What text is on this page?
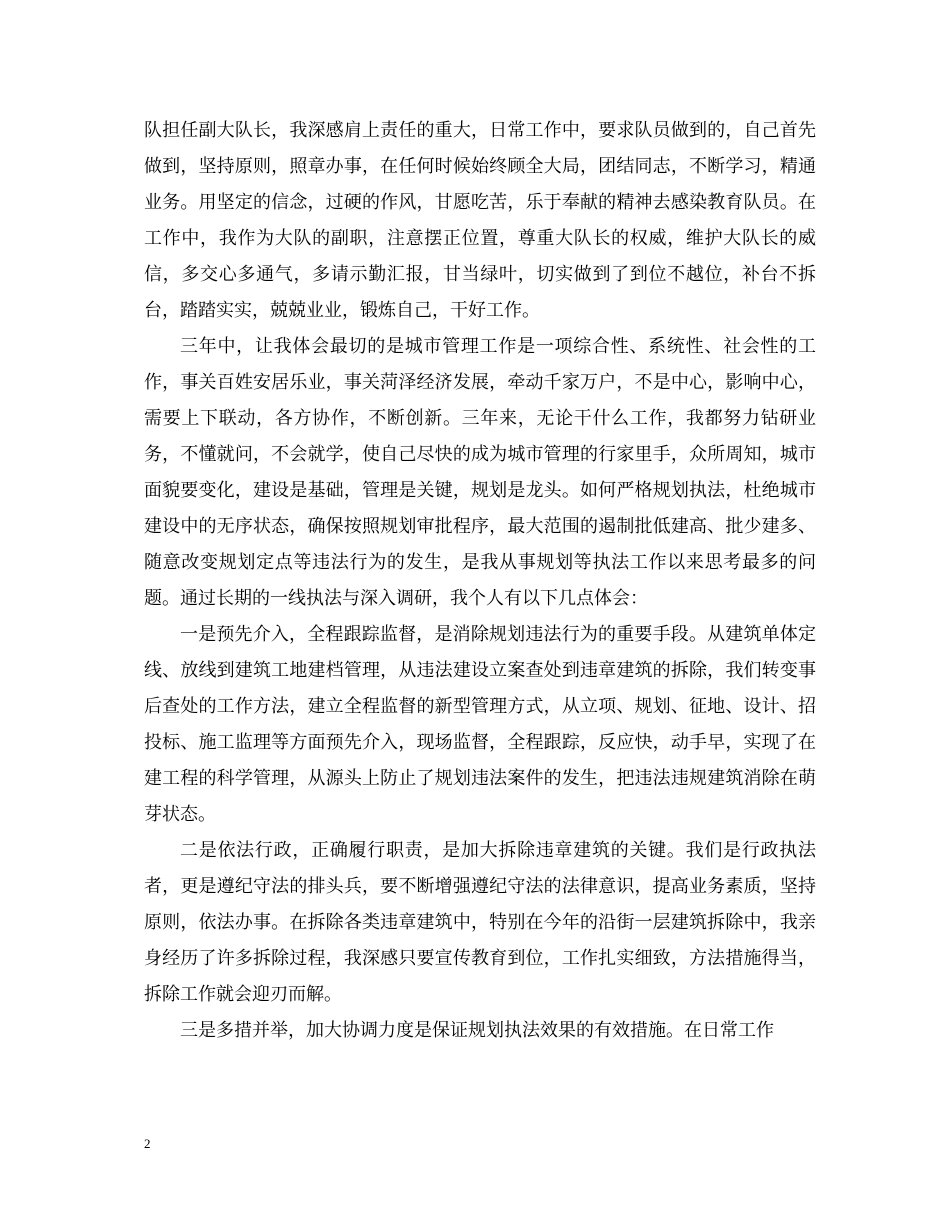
队担任副大队长，我深感肩上责任的重大，日常工作中，要求队员做到的，自己首先做到，坚持原则，照章办事，在任何时候始终顾全大局，团结同志，不断学习，精通业务。用坚定的信念，过硬的作风，甘愿吃苦，乐于奉献的精神去感染教育队员。在工作中，我作为大队的副职，注意摆正位置，尊重大队长的权威，维护大队长的威信，多交心多通气，多请示勤汇报，甘当绿叶，切实做到了到位不越位，补台不拆台，踏踏实实，兢兢业业，锻炼自己，干好工作。

三年中，让我体会最切的是城市管理工作是一项综合性、系统性、社会性的工作，事关百姓安居乐业，事关菏泽经济发展，牵动千家万户，不是中心，影响中心，需要上下联动，各方协作，不断创新。三年来，无论干什么工作，我都努力钻研业务，不懂就问，不会就学，使自己尽快的成为城市管理的行家里手，众所周知，城市面貌要变化，建设是基础，管理是关键，规划是龙头。如何严格规划执法，杜绝城市建设中的无序状态，确保按照规划审批程序，最大范围的遏制批低建高、批少建多、随意改变规划定点等违法行为的发生，是我从事规划等执法工作以来思考最多的问题。通过长期的一线执法与深入调研，我个人有以下几点体会：

一是预先介入，全程跟踪监督，是消除规划违法行为的重要手段。从建筑单体定线、放线到建筑工地建档管理，从违法建设立案查处到违章建筑的拆除，我们转变事后查处的工作方法，建立全程监督的新型管理方式，从立项、规划、征地、设计、招投标、施工监理等方面预先介入，现场监督，全程跟踪，反应快，动手早，实现了在建工程的科学管理，从源头上防止了规划违法案件的发生，把违法违规建筑消除在萌芽状态。

二是依法行政，正确履行职责，是加大拆除违章建筑的关键。我们是行政执法者，更是遵纪守法的排头兵，要不断增强遵纪守法的法律意识，提高业务素质，坚持原则，依法办事。在拆除各类违章建筑中，特别在今年的沿街一层建筑拆除中，我亲身经历了许多拆除过程，我深感只要宣传教育到位，工作扎实细致，方法措施得当，拆除工作就会迎刃而解。

三是多措并举，加大协调力度是保证规划执法效果的有效措施。在日常工作

2
